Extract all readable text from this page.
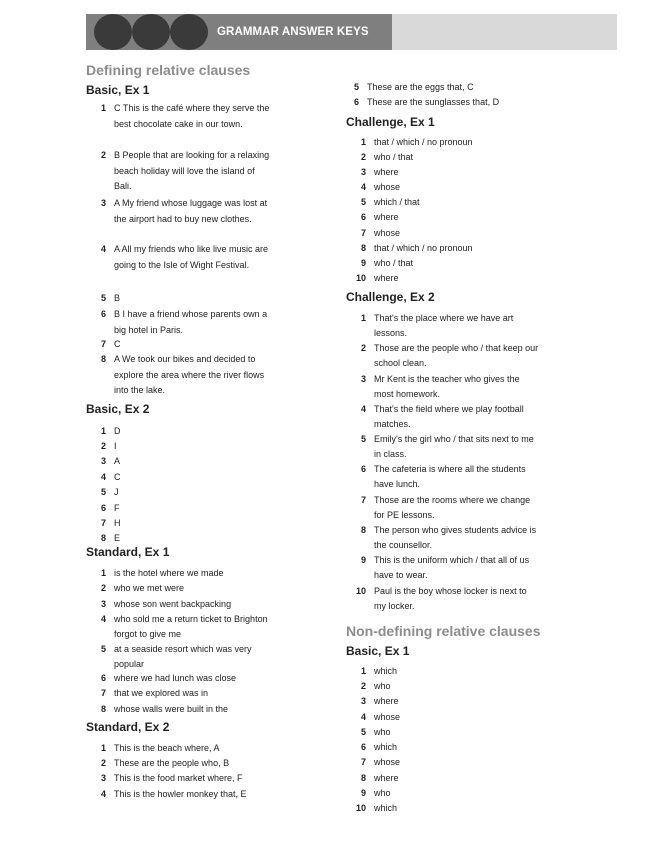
GRAMMAR ANSWER KEYS
Defining relative clauses
Basic, Ex 1
1 C This is the café where they serve the best chocolate cake in our town.
2 B People that are looking for a relaxing beach holiday will love the island of Bali.
3 A My friend whose luggage was lost at the airport had to buy new clothes.
4 A All my friends who like live music are going to the Isle of Wight Festival.
5 B
6 B I have a friend whose parents own a big hotel in Paris.
7 C
8 A We took our bikes and decided to explore the area where the river flows into the lake.
Basic, Ex 2
1 D
2 I
3 A
4 C
5 J
6 F
7 H
8 E
Standard, Ex 1
1 is the hotel where we made
2 who we met were
3 whose son went backpacking
4 who sold me a return ticket to Brighton forgot to give me
5 at a seaside resort which was very popular
6 where we had lunch was close
7 that we explored was in
8 whose walls were built in the
Standard, Ex 2
1 This is the beach where, A
2 These are the people who, B
3 This is the food market where, F
4 This is the howler monkey that, E
Challenge, Ex 1
1 that / which / no pronoun
2 who / that
3 where
4 whose
5 which / that
6 where
7 whose
8 that / which / no pronoun
9 who / that
10 where
Challenge, Ex 2
1 That's the place where we have art lessons.
2 Those are the people who / that keep our school clean.
3 Mr Kent is the teacher who gives the most homework.
4 That's the field where we play football matches.
5 Emily's the girl who / that sits next to me in class.
6 The cafeteria is where all the students have lunch.
7 Those are the rooms where we change for PE lessons.
8 The person who gives students advice is the counsellor.
9 This is the uniform which / that all of us have to wear.
10 Paul is the boy whose locker is next to my locker.
Non-defining relative clauses
Basic, Ex 1
1 which
2 who
3 where
4 whose
5 who
6 which
7 whose
8 where
9 who
10 which
5 These are the eggs that, C
6 These are the sunglasses that, D
